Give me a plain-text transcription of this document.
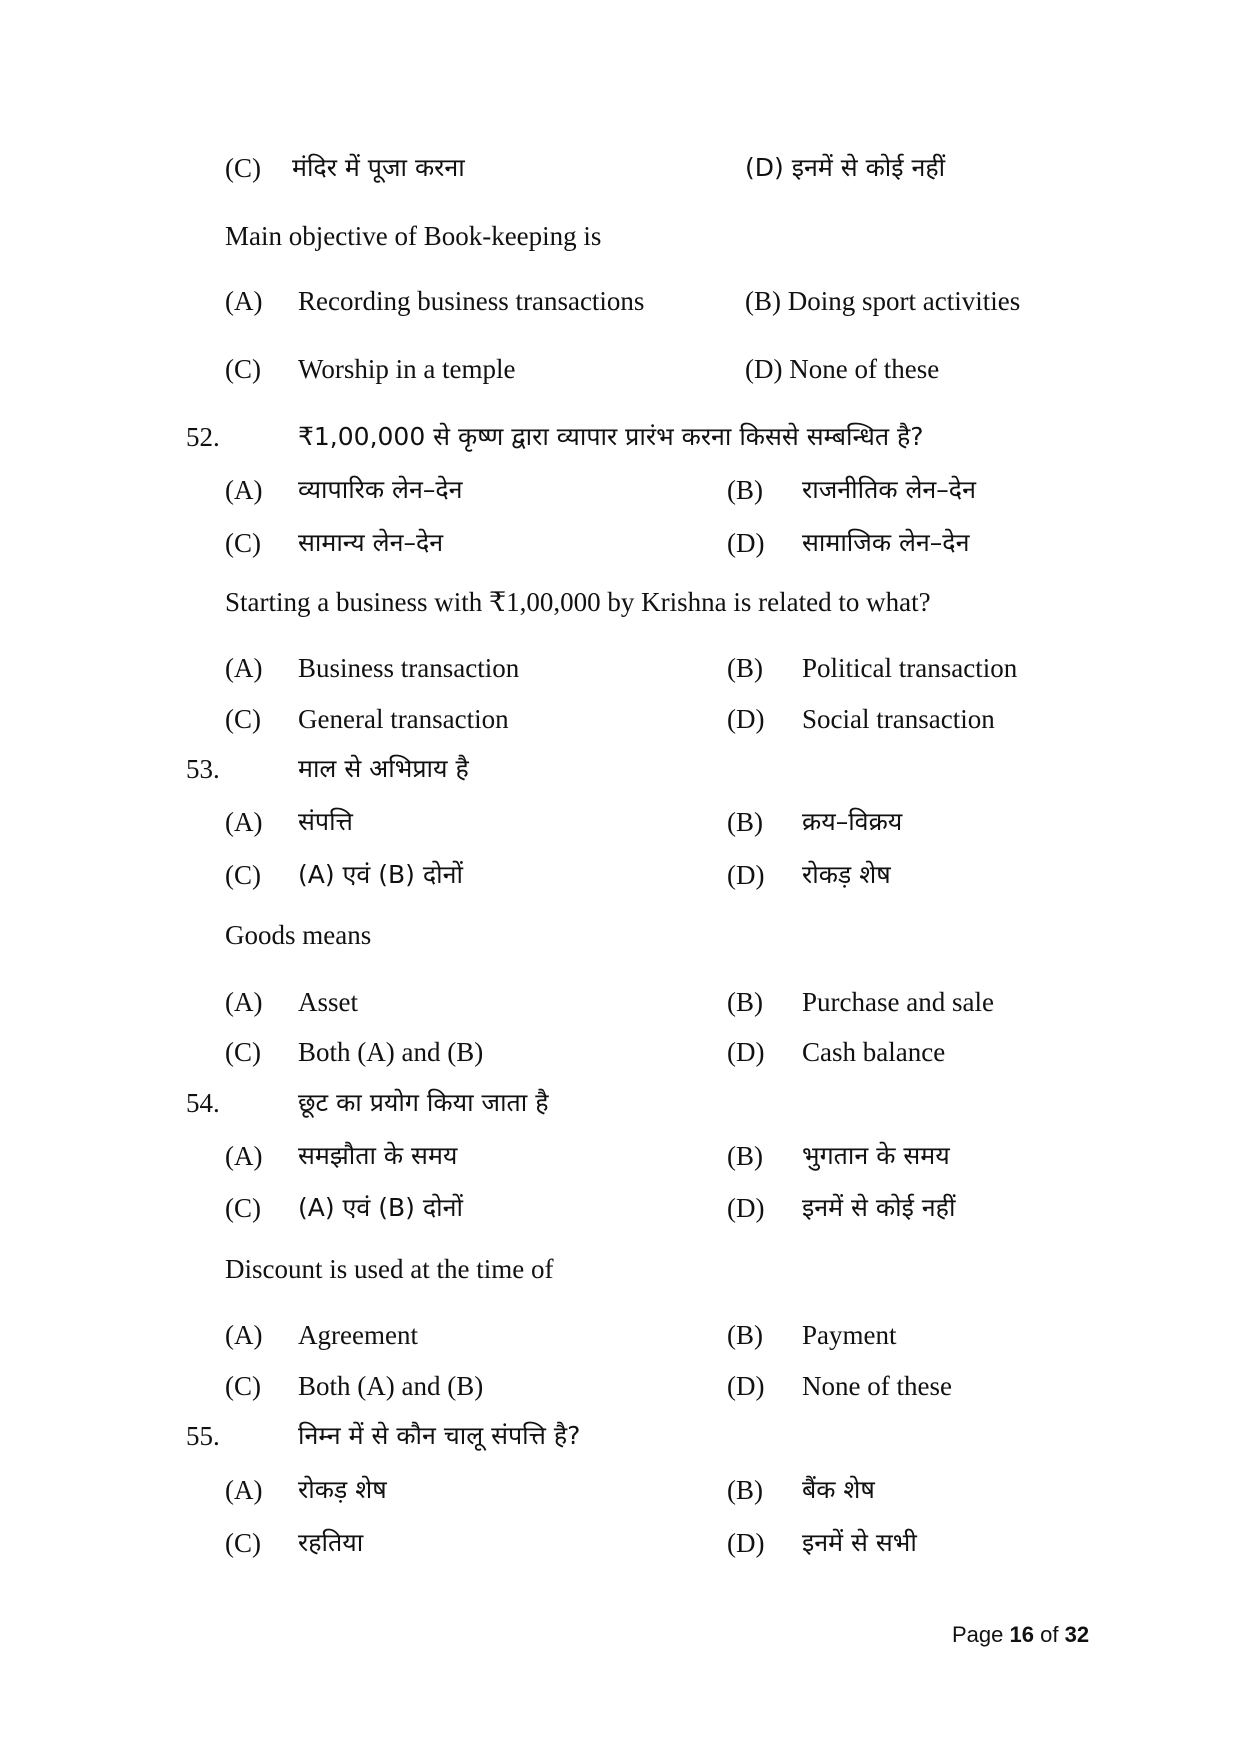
(C) मंदिर में पूजा करना	(D) इनमें से कोई नहीं
Main objective of Book-keeping is
(A) Recording business transactions	(B) Doing sport activities
(C) Worship in a temple	(D) None of these
52.	₹1,00,000 से कृष्ण द्वारा व्यापार प्रारंभ करना किससे सम्बन्धित है?
(A) व्यापारिक लेन–देन	(B) राजनीतिक लेन–देन
(C) सामान्य लेन–देन	(D) सामाजिक लेन–देन
Starting a business with ₹1,00,000 by Krishna is related to what?
(A) Business transaction	(B) Political transaction
(C) General transaction	(D) Social transaction
53.	माल से अभिप्राय है
(A) संपत्ति	(B) क्रय–विक्रय
(C) (A) एवं (B) दोनों	(D) रोकड़ शेष
Goods means
(A) Asset	(B) Purchase and sale
(C) Both (A) and (B)	(D) Cash balance
54.	छूट का प्रयोग किया जाता है
(A) समझौता के समय	(B) भुगतान के समय
(C) (A) एवं (B) दोनों	(D) इनमें से कोई नहीं
Discount is used at the time of
(A) Agreement	(B) Payment
(C) Both (A) and (B)	(D) None of these
55.	निम्न में से कौन चालू संपत्ति है?
(A) रोकड़ शेष	(B) बैंक शेष
(C) रहतिया	(D) इनमें से सभी
Page 16 of 32
